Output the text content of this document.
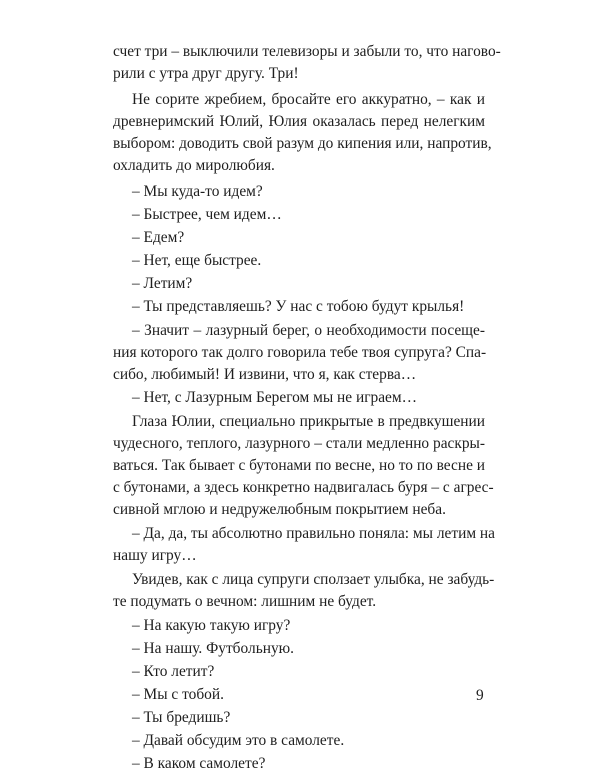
счет три – выключили телевизоры и забыли то, что нагово-
рили с утра друг другу. Три!
Не сорите жребием, бросайте его аккуратно, – как и
древнеримский Юлий, Юлия оказалась перед нелегким
выбором: доводить свой разум до кипения или, напротив,
охладить до миролюбия.
– Мы куда-то идем?
– Быстрее, чем идем…
– Едем?
– Нет, еще быстрее.
– Летим?
– Ты представляешь? У нас с тобою будут крылья!
– Значит – лазурный берег, о необходимости посеще-
ния которого так долго говорила тебе твоя супруга? Спа-
сибо, любимый! И извини, что я, как стерва…
– Нет, с Лазурным Берегом мы не играем…
Глаза Юлии, специально прикрытые в предвкушении
чудесного, теплого, лазурного – стали медленно раскры-
ваться. Так бывает с бутонами по весне, но то по весне и
с бутонами, а здесь конкретно надвигалась буря – с агрес-
сивной мглою и недружелюбным покрытием неба.
– Да, да, ты абсолютно правильно поняла: мы летим на
нашу игру…
Увидев, как с лица супруги сползает улыбка, не забудь-
те подумать о вечном: лишним не будет.
– На какую такую игру?
– На нашу. Футбольную.
– Кто летит?
– Мы с тобой.
– Ты бредишь?
– Давай обсудим это в самолете.
– В каком самолете?
9
